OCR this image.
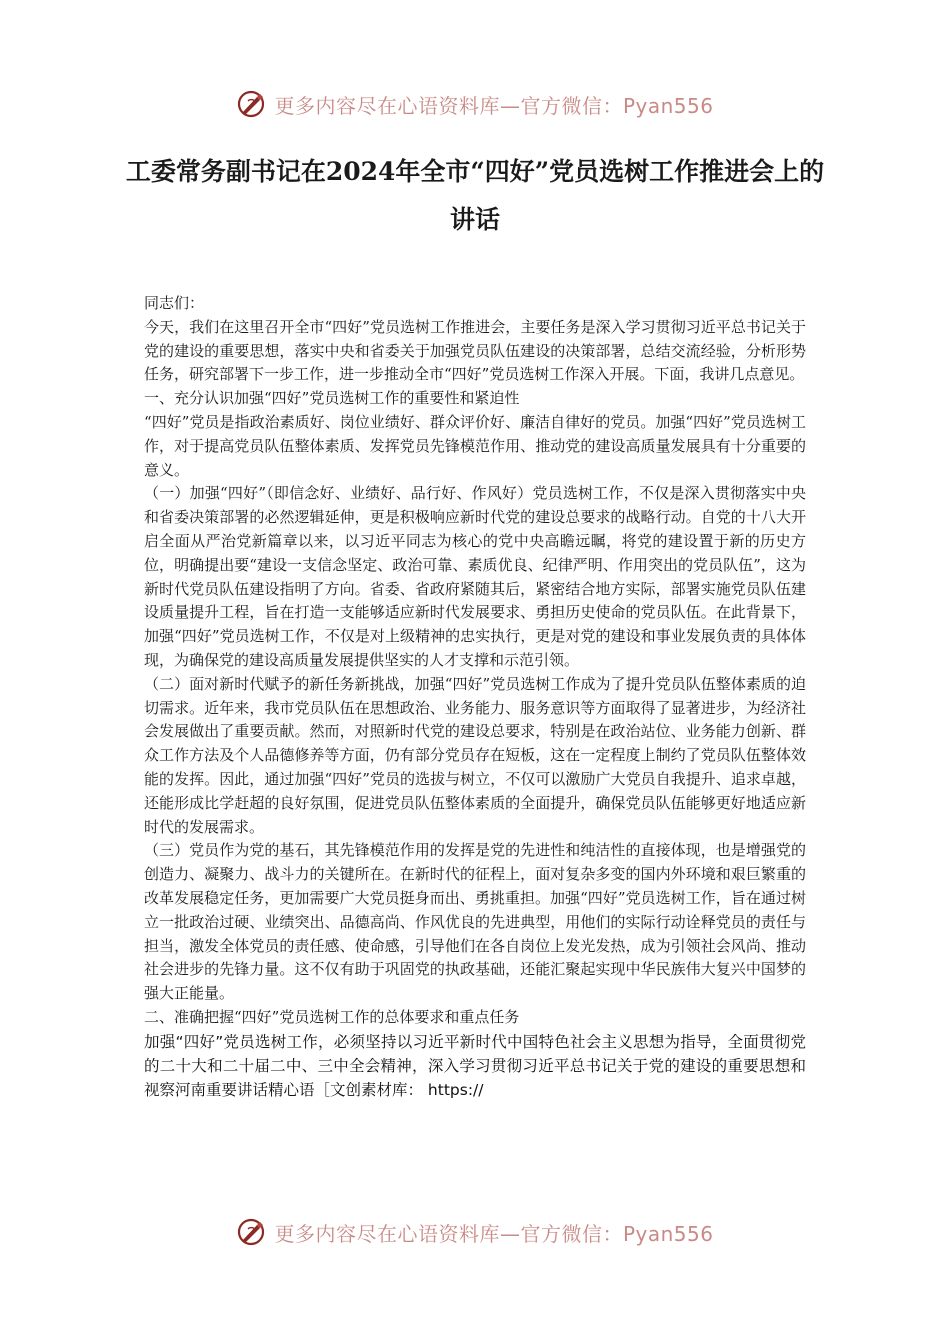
更多内容尽在心语资料库—官方微信：Pyan556
工委常务副书记在2024年全市“四好”党员选树工作推进会上的讲话

同志们：

今天，我们在这里召开全市“四好”党员选树工作推进会，主要任务是深入学习贯彻习近平总书记关于党的建设的重要思想，落实中央和省委关于加强党员队伍建设的决策部署，总结交流经验，分析形势任务，研究部署下一步工作，进一步推动全市“四好”党员选树工作深入开展。下面，我讲几点意见。

一、充分认识加强“四好”党员选树工作的重要性和紧迫性

“四好”党员是指政治素质好、岗位业绩好、群众评价好、廉洁自律好的党员。加强“四好”党员选树工作，对于提高党员队伍整体素质、发挥党员先锋模范作用、推动党的建设高质量发展具有十分重要的意义。

（一）加强“四好”（即信念好、业绩好、品行好、作风好）党员选树工作，不仅是深入贯彻落实中央和省委决策部署的必然逻辑延伸，更是积极响应新时代党的建设总要求的战略行动。自党的十八大开启全面从严治党新篇章以来，以习近平同志为核心的党中央高瞻远瞩，将党的建设置于新的历史方位，明确提出要“建设一支信念坚定、政治可靠、素质优良、纪律严明、作用突出的党员队伍”，这为新时代党员队伍建设指明了方向。省委、省政府紧随其后，紧密结合地方实际，部署实施党员队伍建设质量提升工程，旨在打造一支能够适应新时代发展要求、勇担历史使命的党员队伍。在此背景下，加强“四好”党员选树工作，不仅是对上级精神的忠实执行，更是对党的建设和事业发展负责的具体体现，为确保党的建设高质量发展提供坚实的人才支撑和示范引领。

（二）面对新时代赋予的新任务新挑战，加强“四好”党员选树工作成为了提升党员队伍整体素质的迫切需求。近年来，我市党员队伍在思想政治、业务能力、服务意识等方面取得了显著进步，为经济社会发展做出了重要贡献。然而，对照新时代党的建设总要求，特别是在政治站位、业务能力创新、群众工作方法及个人品德修养等方面，仍有部分党员存在短板，这在一定程度上制约了党员队伍整体效能的发挥。因此，通过加强“四好”党员的选拔与树立，不仅可以激励广大党员自我提升、追求卓越，还能形成比学赶超的良好氛围，促进党员队伍整体素质的全面提升，确保党员队伍能够更好地适应新时代的发展需求。

（三）党员作为党的基石，其先锋模范作用的发挥是党的先进性和纯洁性的直接体现，也是增强党的创造力、凝聚力、战斗力的关键所在。在新时代的征程上，面对复杂多变的国内外环境和艰巨繁重的改革发展稳定任务，更加需要广大党员挺身而出、勇挑重担。加强“四好”党员选树工作，旨在通过树立一批政治过硬、业绩突出、品德高尚、作风优良的先进典型，用他们的实际行动诠释党员的责任与担当，激发全体党员的责任感、使命感，引导他们在各自岗位上发光发热，成为引领社会风尚、推动社会进步的先锋力量。这不仅有助于巩固党的执政基础，还能汇聚起实现中华民族伟大复兴中国梦的强大正能量。

二、准确把握“四好”党员选树工作的总体要求和重点任务

加强“四好”党员选树工作，必须坚持以习近平新时代中国特色社会主义思想为指导，全面贯彻党的二十大和二十届二中、三中全会精神，深入学习贯彻习近平总书记关于党的建设的重要思想和视察河南重要讲话精心语［文创素材库： https://

更多内容尽在心语资料库—官方微信：Pyan556
